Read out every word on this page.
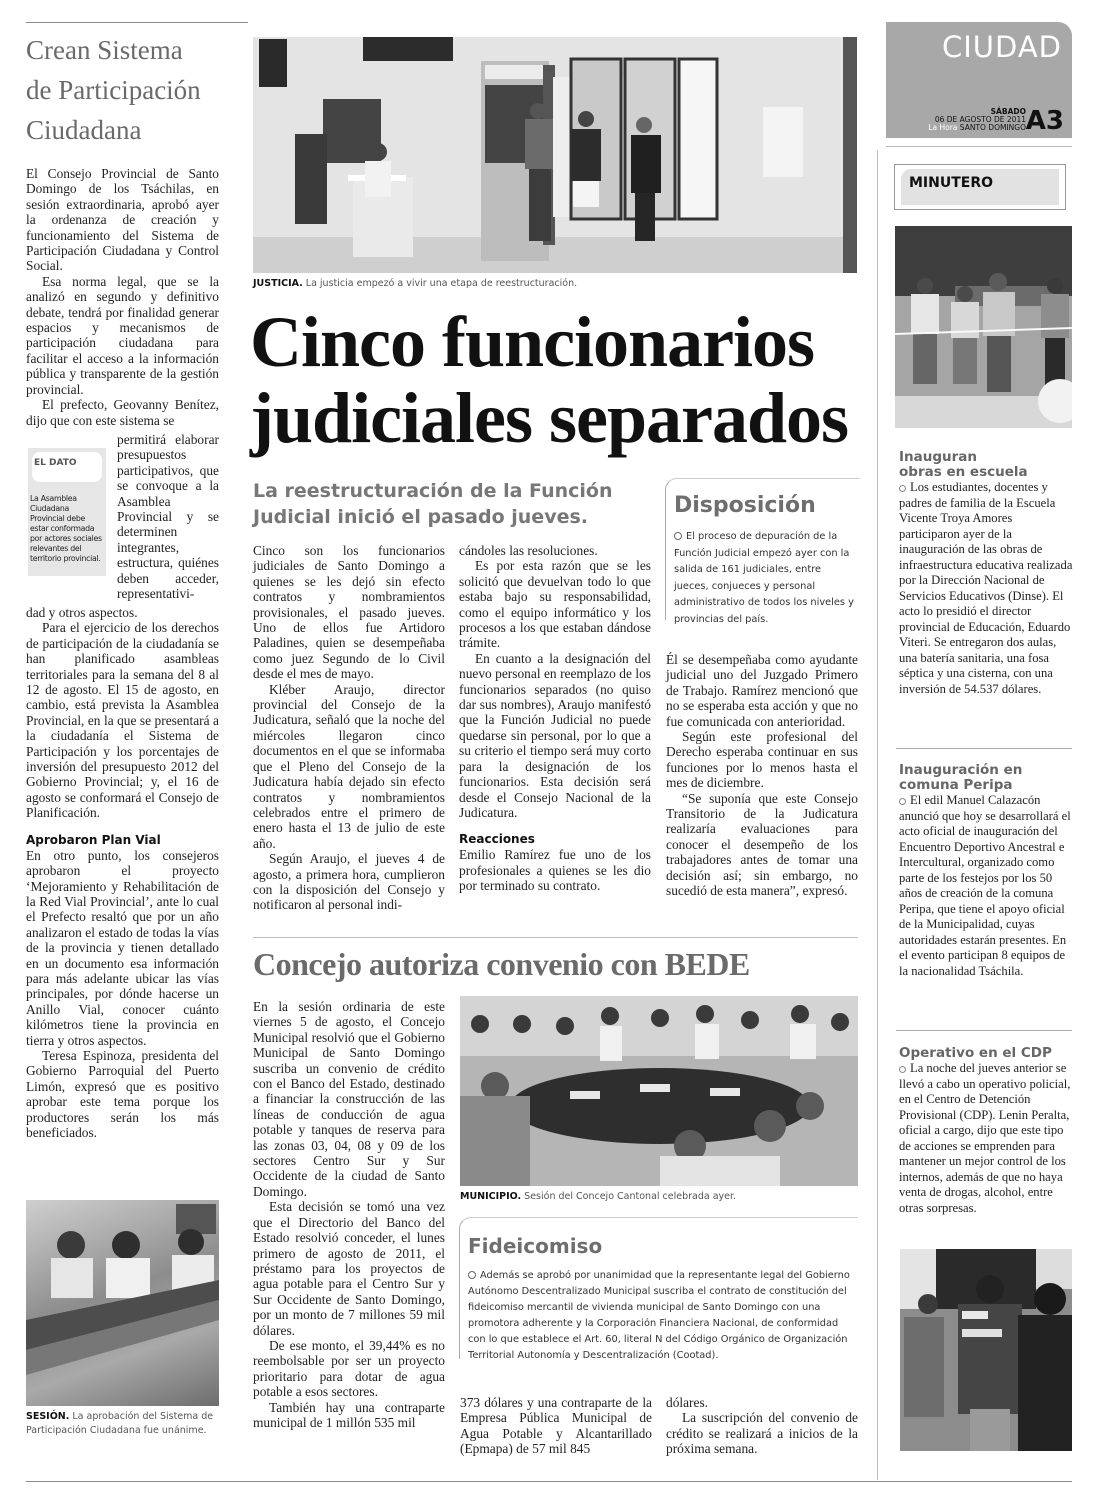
Crean Sistema
de Participación
Ciudadana

El Consejo Provincial de Santo Domingo de los Tsáchilas, en sesión extraordinaria, aprobó ayer la ordenanza de creación y funcionamiento del Sistema de Participación Ciudadana y Control Social.

Esa norma legal, que se la analizó en segundo y definitivo debate, tendrá por finalidad generar espacios y mecanismos de participación ciudadana para facilitar el acceso a la información pública y transparente de la gestión provincial.

El prefecto, Geovanny Benítez, dijo que con este sistema se

EL DATO
La Asamblea Ciudadana Provincial debe estar conformada por actores sociales relevantes del territorio provincial.

permitirá elaborar presupuestos participativos, que se convoque a la Asamblea Provincial y se determinen integrantes, estructura, quiénes deben acceder, representativi-

dad y otros aspectos.

Para el ejercicio de los derechos de participación de la ciudadanía se han planificado asambleas territoriales para la semana del 8 al 12 de agosto. El 15 de agosto, en cambio, está prevista la Asamblea Provincial, en la que se presentará a la ciudadanía el Sistema de Participación y los porcentajes de inversión del presupuesto 2012 del Gobierno Provincial; y, el 16 de agosto se conformará el Consejo de Planificación.

Aprobaron Plan Vial

En otro punto, los consejeros aprobaron el proyecto ‘Mejoramiento y Rehabilitación de la Red Vial Provincial’, ante lo cual el Prefecto resaltó que por un año analizaron el estado de todas la vías de la provincia y tienen detallado en un documento esa información para más adelante ubicar las vías principales, por dónde hacerse un Anillo Vial, conocer cuánto kilómetros tiene la provincia en tierra y otros aspectos.

Teresa Espinoza, presidenta del Gobierno Parroquial del Puerto Limón, expresó que es positivo aprobar este tema porque los productores serán los más beneficiados.

SESIÓN. La aprobación del Sistema de Participación Ciudadana fue unánime.
JUSTICIA. La justicia empezó a vivir una etapa de reestructuración.
Cinco funcionarios
judiciales separados
La reestructuración de la Función
Judicial inició el pasado jueves.

Cinco son los funcionarios judiciales de Santo Domingo a quienes se les dejó sin efecto contratos y nombramientos provisionales, el pasado jueves. Uno de ellos fue Artidoro Paladines, quien se desempeñaba como juez Segundo de lo Civil desde el mes de mayo.

Kléber Araujo, director provincial del Consejo de la Judicatura, señaló que la noche del miércoles llegaron cinco documentos en el que se informaba que el Pleno del Consejo de la Judicatura había dejado sin efecto contratos y nombramientos celebrados entre el primero de enero hasta el 13 de julio de este año.

Según Araujo, el jueves 4 de agosto, a primera hora, cumplieron con la disposición del Consejo y notificaron al personal indi-

cándoles las resoluciones.

Es por esta razón que se les solicitó que devuelvan todo lo que estaba bajo su responsabilidad, como el equipo informático y los procesos a los que estaban dándose trámite.

En cuanto a la designación del nuevo personal en reemplazo de los funcionarios separados (no quiso dar sus nombres), Araujo manifestó que la Función Judicial no puede quedarse sin personal, por lo que a su criterio el tiempo será muy corto para la designación de los funcionarios. Esta decisión será desde el Consejo Nacional de la Judicatura.

Reacciones

Emilio Ramírez fue uno de los profesionales a quienes se les dio por terminado su contrato.

Disposición
El proceso de depuración de la Función Judicial empezó ayer con la salida de 161 judiciales, entre jueces, conjueces y personal administrativo de todos los niveles y provincias del país.

Él se desempeñaba como ayudante judicial uno del Juzgado Primero de Trabajo. Ramírez mencionó que no se esperaba esta acción y que no fue comunicada con anterioridad.

Según este profesional del Derecho esperaba continuar en sus funciones por lo menos hasta el mes de diciembre.

“Se suponía que este Consejo Transitorio de la Judicatura realizaría evaluaciones para conocer el desempeño de los trabajadores antes de tomar una decisión así; sin embargo, no sucedió de esta manera”, expresó.

Concejo autoriza convenio con BEDE

En la sesión ordinaria de este viernes 5 de agosto, el Concejo Municipal resolvió que el Gobierno Municipal de Santo Domingo suscriba un convenio de crédito con el Banco del Estado, destinado a financiar la construcción de las líneas de conducción de agua potable y tanques de reserva para las zonas 03, 04, 08 y 09 de los sectores Centro Sur y Sur Occidente de la ciudad de Santo Domingo.

Esta decisión se tomó una vez que el Directorio del Banco del Estado resolvió conceder, el lunes primero de agosto de 2011, el préstamo para los proyectos de agua potable para el Centro Sur y Sur Occidente de Santo Domingo, por un monto de 7 millones 59 mil dólares.

De ese monto, el 39,44% es no reembolsable por ser un proyecto prioritario para dotar de agua potable a esos sectores.

También hay una contraparte municipal de 1 millón 535 mil

MUNICIPIO. Sesión del Concejo Cantonal celebrada ayer.
Fideicomiso
Además se aprobó por unanimidad que la representante legal del Gobierno Autónomo Descentralizado Municipal suscriba el contrato de constitución del fideicomiso mercantil de vivienda municipal de Santo Domingo con una promotora adherente y la Corporación Financiera Nacional, de conformidad con lo que establece el Art. 60, literal N del Código Orgánico de Organización Territorial Autonomía y Descentralización (Cootad).

373 dólares y una contraparte de la Empresa Pública Municipal de Agua Potable y Alcantarillado (Epmapa) de 57 mil 845

dólares.

La suscripción del convenio de crédito se realizará a inicios de la próxima semana.

CIUDAD
SÁBADO
06 DE AGOSTO DE 2011
La Hora SANTO DOMINGO A3
MINUTERO
Inauguran
obras en escuela
Los estudiantes, docentes y padres de familia de la Escuela Vicente Troya Amores participaron ayer de la inauguración de las obras de infraestructura educativa realizada por la Dirección Nacional de Servicios Educativos (Dinse). El acto lo presidió el director provincial de Educación, Eduardo Viteri. Se entregaron dos aulas, una batería sanitaria, una fosa séptica y una cisterna, con una inversión de 54.537 dólares.
Inauguración en
comuna Peripa
El edil Manuel Calazacón anunció que hoy se desarrollará el acto oficial de inauguración del Encuentro Deportivo Ancestral e Intercultural, organizado como parte de los festejos por los 50 años de creación de la comuna Peripa, que tiene el apoyo oficial de la Municipalidad, cuyas autoridades estarán presentes. En el evento participan 8 equipos de la nacionalidad Tsáchila.
Operativo en el CDP
La noche del jueves anterior se llevó a cabo un operativo policial, en el Centro de Detención Provisional (CDP). Lenin Peralta, oficial a cargo, dijo que este tipo de acciones se emprenden para mantener un mejor control de los internos, además de que no haya venta de drogas, alcohol, entre otras sorpresas.
